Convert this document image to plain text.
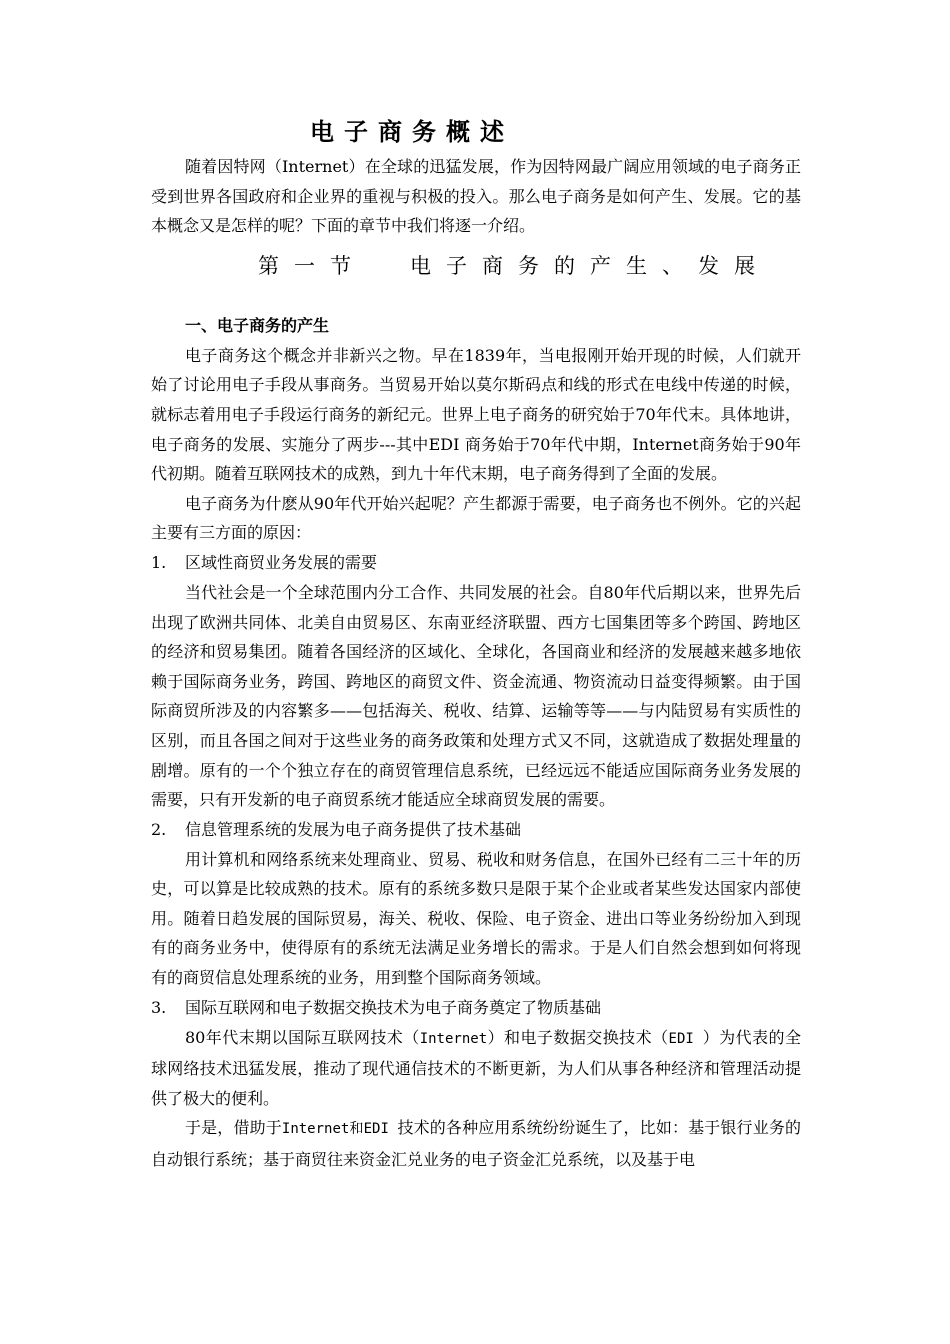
电子商务概述

随着因特网（Internet）在全球的迅猛发展，作为因特网最广阔应用领域的电子商务正受到世界各国政府和企业界的重视与积极的投入。那么电子商务是如何产生、发展。它的基本概念又是怎样的呢？下面的章节中我们将逐一介绍。

第一节 电子商务的产生、发展

一、电子商务的产生

电子商务这个概念并非新兴之物。早在1839年，当电报刚开始开现的时候，人们就开始了讨论用电子手段从事商务。当贸易开始以莫尔斯码点和线的形式在电线中传递的时候，就标志着用电子手段运行商务的新纪元。世界上电子商务的研究始于70年代末。具体地讲，电子商务的发展、实施分了两步---其中EDI 商务始于70年代中期，Internet商务始于90年代初期。随着互联网技术的成熟，到九十年代末期，电子商务得到了全面的发展。

电子商务为什麽从90年代开始兴起呢？产生都源于需要，电子商务也不例外。它的兴起主要有三方面的原因：

1.	区域性商贸业务发展的需要

当代社会是一个全球范围内分工合作、共同发展的社会。自80年代后期以来，世界先后出现了欧洲共同体、北美自由贸易区、东南亚经济联盟、西方七国集团等多个跨国、跨地区的经济和贸易集团。随着各国经济的区域化、全球化，各国商业和经济的发展越来越多地依赖于国际商务业务，跨国、跨地区的商贸文件、资金流通、物资流动日益变得频繁。由于国际商贸所涉及的内容繁多——包括海关、税收、结算、运输等等——与内陆贸易有实质性的区别，而且各国之间对于这些业务的商务政策和处理方式又不同，这就造成了数据处理量的剧增。原有的一个个独立存在的商贸管理信息系统，已经远远不能适应国际商务业务发展的需要，只有开发新的电子商贸系统才能适应全球商贸发展的需要。

2.	信息管理系统的发展为电子商务提供了技术基础

用计算机和网络系统来处理商业、贸易、税收和财务信息，在国外已经有二三十年的历史，可以算是比较成熟的技术。原有的系统多数只是限于某个企业或者某些发达国家内部使用。随着日趋发展的国际贸易，海关、税收、保险、电子资金、进出口等业务纷纷加入到现有的商务业务中，使得原有的系统无法满足业务增长的需求。于是人们自然会想到如何将现有的商贸信息处理系统的业务，用到整个国际商务领域。

3.	国际互联网和电子数据交换技术为电子商务奠定了物质基础

80年代末期以国际互联网技术（Internet）和电子数据交换技术（EDI ）为代表的全球网络技术迅猛发展，推动了现代通信技术的不断更新，为人们从事各种经济和管理活动提供了极大的便利。

于是，借助于Internet和EDI 技术的各种应用系统纷纷诞生了，比如：基于银行业务的自动银行系统；基于商贸往来资金汇兑业务的电子资金汇兑系统，以及基于电
